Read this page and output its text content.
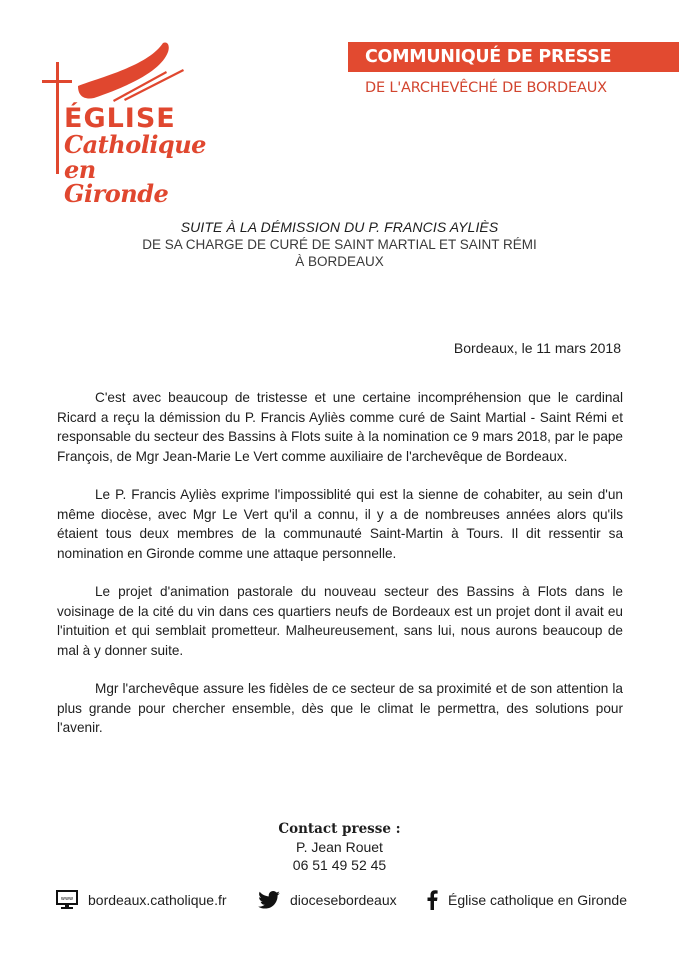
ÉGLISE
Catholique
en Gironde
COMMUNIQUÉ DE PRESSE
DE L'ARCHEVÊCHÉ DE BORDEAUX
SUITE À LA DÉMISSION DU P. FRANCIS AYLIÈS
DE SA CHARGE DE CURÉ DE SAINT MARTIAL ET SAINT RÉMI
À BORDEAUX
Bordeaux, le 11 mars 2018

C'est avec beaucoup de tristesse et une certaine incompréhension que le cardinal Ricard a reçu la démission du P. Francis Ayliès comme curé de Saint Martial - Saint Rémi et responsable du secteur des Bassins à Flots suite à la nomination ce 9 mars 2018, par le pape François, de Mgr Jean-Marie Le Vert comme auxiliaire de l'archevêque de Bordeaux.

Le P. Francis Ayliès exprime l'impossiblité qui est la sienne de cohabiter, au sein d'un même diocèse, avec Mgr Le Vert qu'il a connu, il y a de nombreuses années alors qu'ils étaient tous deux membres de la communauté Saint-Martin à Tours. Il dit ressentir sa nomination en Gironde comme une attaque personnelle.

Le projet d'animation pastorale du nouveau secteur des Bassins à Flots dans le voisinage de la cité du vin dans ces quartiers neufs de Bordeaux est un projet dont il avait eu l'intuition et qui semblait prometteur. Malheureusement, sans lui, nous aurons beaucoup de mal à y donner suite.

Mgr l'archevêque assure les fidèles de ce secteur de sa proximité et de son attention la plus grande pour chercher ensemble, dès que le climat le permettra, des solutions pour l'avenir.

Contact presse :
P. Jean Rouet
06 51 49 52 45
www bordeaux.catholique.fr	diocesebordeaux	Église catholique en Gironde
